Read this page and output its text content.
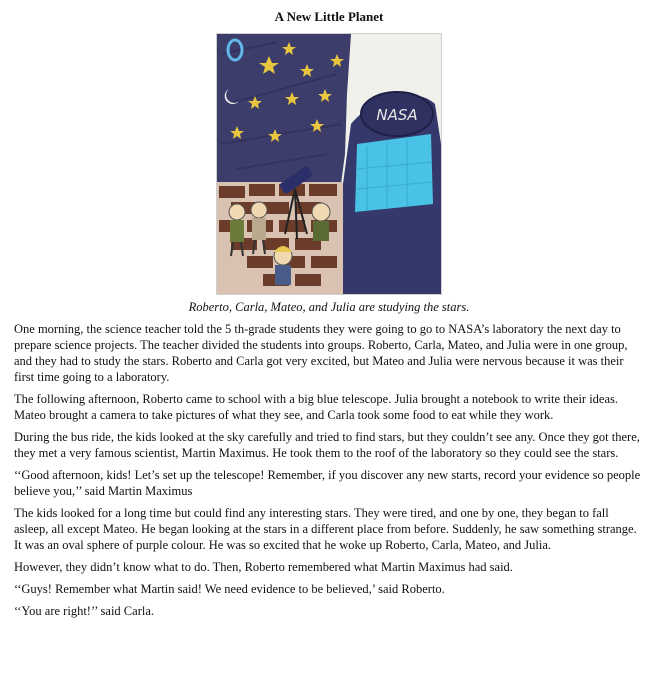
A New Little Planet
NASA
Roberto, Carla, Mateo, and Julia are studying the stars.

One morning, the science teacher told the 5 th-grade students they were going to go to NASA’s laboratory the next day to prepare science projects. The teacher divided the students into groups. Roberto, Carla, Mateo, and Julia were in one group, and they had to study the stars. Roberto and Carla got very excited, but Mateo and Julia were nervous because it was their first time going to a laboratory.

The following afternoon, Roberto came to school with a big blue telescope. Julia brought a notebook to write their ideas. Mateo brought a camera to take pictures of what they see, and Carla took some food to eat while they work.

During the bus ride, the kids looked at the sky carefully and tried to find stars, but they couldn’t see any. Once they got there, they met a very famous scientist, Martin Maximus. He took them to the roof of the laboratory so they could see the stars.

‘‘Good afternoon, kids! Let’s set up the telescope! Remember, if you discover any new starts, record your evidence so people believe you,’’ said Martin Maximus

The kids looked for a long time but could find any interesting stars. They were tired, and one by one, they began to fall asleep, all except Mateo. He began looking at the stars in a different place from before. Suddenly, he saw something strange. It was an oval sphere of purple colour. He was so excited that he woke up Roberto, Carla, Mateo, and Julia.

However, they didn’t know what to do. Then, Roberto remembered what Martin Maximus had said.

‘‘Guys! Remember what Martin said! We need evidence to be believed,’ said Roberto.

‘‘You are right!’’ said Carla.
